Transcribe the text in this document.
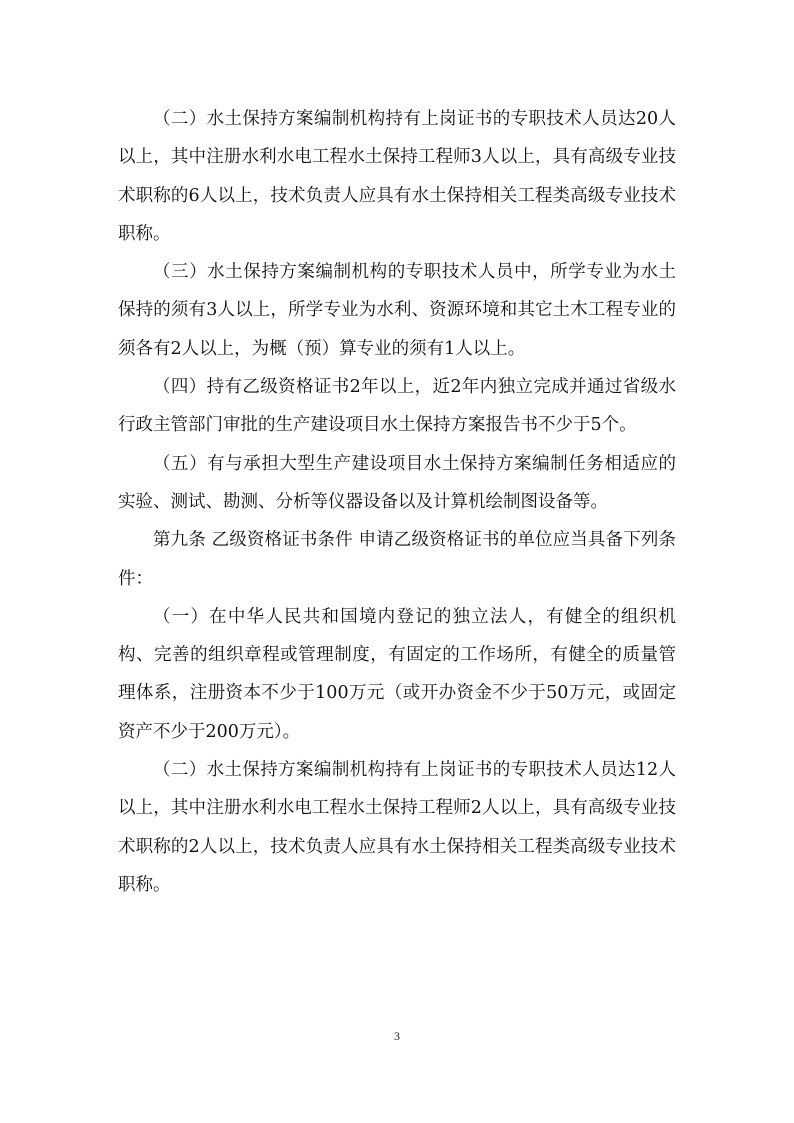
（二）水土保持方案编制机构持有上岗证书的专职技术人员达20人以上，其中注册水利水电工程水土保持工程师3人以上，具有高级专业技术职称的6人以上，技术负责人应具有水土保持相关工程类高级专业技术职称。

（三）水土保持方案编制机构的专职技术人员中，所学专业为水土保持的须有3人以上，所学专业为水利、资源环境和其它土木工程专业的须各有2人以上，为概（预）算专业的须有1人以上。

（四）持有乙级资格证书2年以上，近2年内独立完成并通过省级水行政主管部门审批的生产建设项目水土保持方案报告书不少于5个。

（五）有与承担大型生产建设项目水土保持方案编制任务相适应的实验、测试、勘测、分析等仪器设备以及计算机绘制图设备等。

第九条 乙级资格证书条件 申请乙级资格证书的单位应当具备下列条件：

（一）在中华人民共和国境内登记的独立法人，有健全的组织机构、完善的组织章程或管理制度，有固定的工作场所，有健全的质量管理体系，注册资本不少于100万元（或开办资金不少于50万元，或固定资产不少于200万元）。

（二）水土保持方案编制机构持有上岗证书的专职技术人员达12人以上，其中注册水利水电工程水土保持工程师2人以上，具有高级专业技术职称的2人以上，技术负责人应具有水土保持相关工程类高级专业技术职称。

3
